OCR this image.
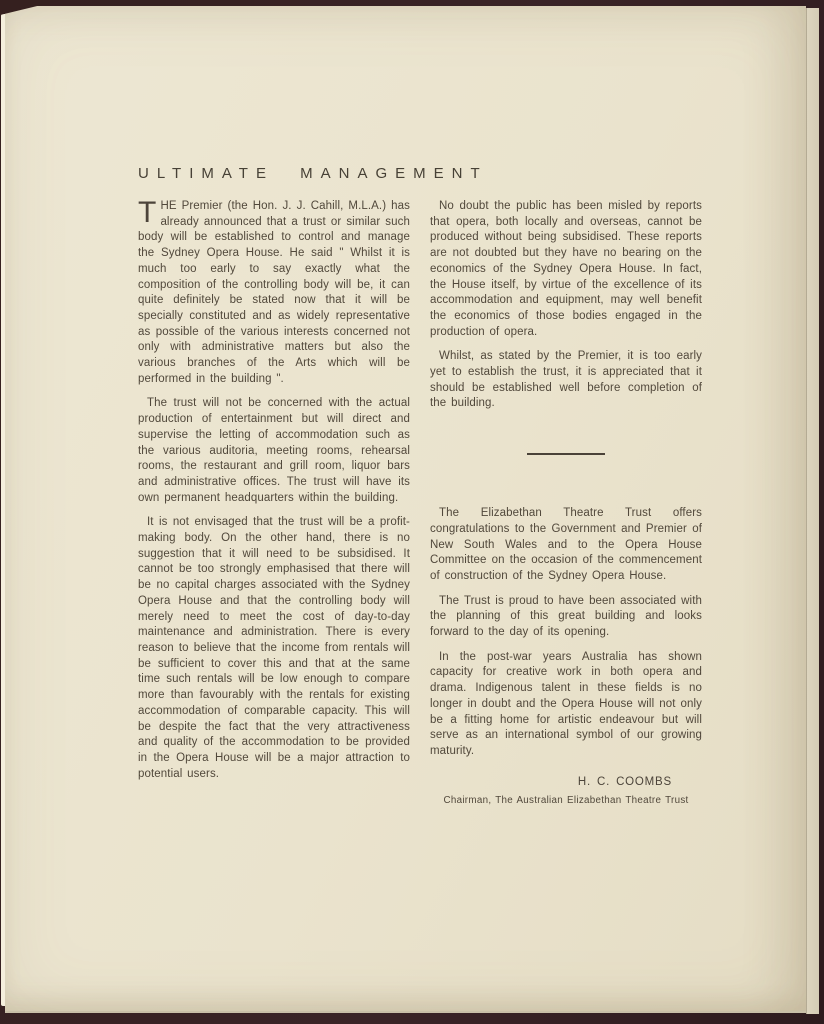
ULTIMATE MANAGEMENT

THE Premier (the Hon. J. J. Cahill, M.L.A.) has already announced that a trust or similar such body will be established to control and manage the Sydney Opera House. He said " Whilst it is much too early to say exactly what the composition of the controlling body will be, it can quite definitely be stated now that it will be specially constituted and as widely representative as possible of the various interests concerned not only with administrative matters but also the various branches of the Arts which will be performed in the building ".

The trust will not be concerned with the actual production of entertainment but will direct and supervise the letting of accommodation such as the various auditoria, meeting rooms, rehearsal rooms, the restaurant and grill room, liquor bars and administrative offices. The trust will have its own permanent headquarters within the building.

It is not envisaged that the trust will be a profit-making body. On the other hand, there is no suggestion that it will need to be subsidised. It cannot be too strongly emphasised that there will be no capital charges associated with the Sydney Opera House and that the controlling body will merely need to meet the cost of day-to-day maintenance and administration. There is every reason to believe that the income from rentals will be sufficient to cover this and that at the same time such rentals will be low enough to compare more than favourably with the rentals for existing accommodation of comparable capacity. This will be despite the fact that the very attractiveness and quality of the accommodation to be provided in the Opera House will be a major attraction to potential users.

No doubt the public has been misled by reports that opera, both locally and overseas, cannot be produced without being subsidised. These reports are not doubted but they have no bearing on the economics of the Sydney Opera House. In fact, the House itself, by virtue of the excellence of its accommodation and equipment, may well benefit the economics of those bodies engaged in the production of opera.

Whilst, as stated by the Premier, it is too early yet to establish the trust, it is appreciated that it should be established well before completion of the building.

The Elizabethan Theatre Trust offers congratulations to the Government and Premier of New South Wales and to the Opera House Committee on the occasion of the commencement of construction of the Sydney Opera House.

The Trust is proud to have been associated with the planning of this great building and looks forward to the day of its opening.

In the post-war years Australia has shown capacity for creative work in both opera and drama. Indigenous talent in these fields is no longer in doubt and the Opera House will not only be a fitting home for artistic endeavour but will serve as an international symbol of our growing maturity.

H. C. COOMBS
Chairman, The Australian Elizabethan Theatre Trust
